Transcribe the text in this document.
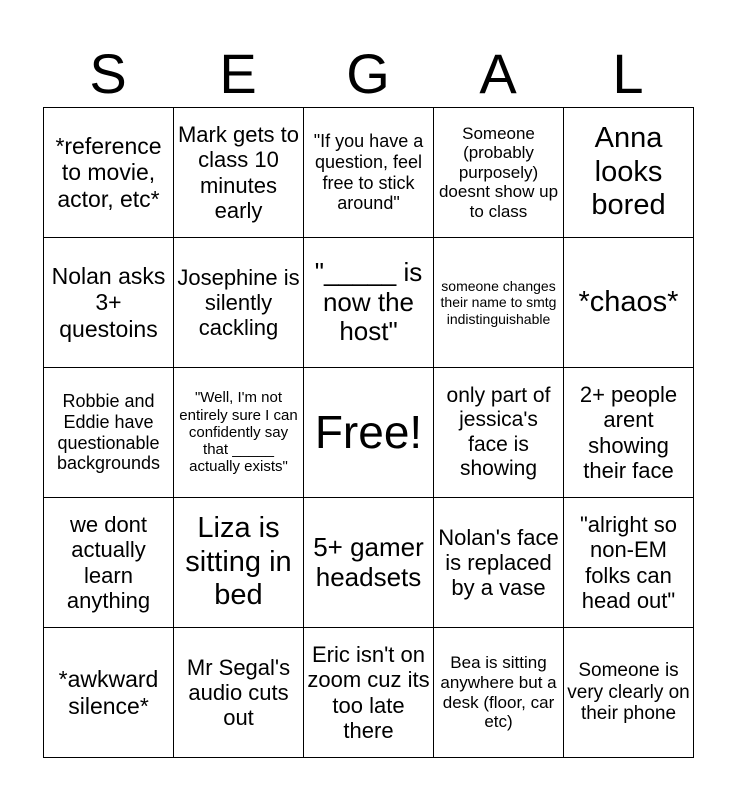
S	E	G	A	L
*reference to movie, actor, etc*	Mark gets to class 10 minutes early	"If you have a question, feel free to stick around"	Someone (probably purposely) doesnt show up to class	Anna looks bored
Nolan asks 3+ questoins	Josephine is silently cackling	"_____ is now the host"	someone changes their name to smtg indistinguishable	*chaos*
Robbie and Eddie have questionable backgrounds	"Well, I'm not entirely sure I can confidently say that _____ actually exists"	Free!	only part of jessica's face is showing	2+ people arent showing their face
we dont actually learn anything	Liza is sitting in bed	5+ gamer headsets	Nolan's face is replaced by a vase	"alright so non-EM folks can head out"
*awkward silence*	Mr Segal's audio cuts out	Eric isn't on zoom cuz its too late there	Bea is sitting anywhere but a desk (floor, car etc)	Someone is very clearly on their phone
